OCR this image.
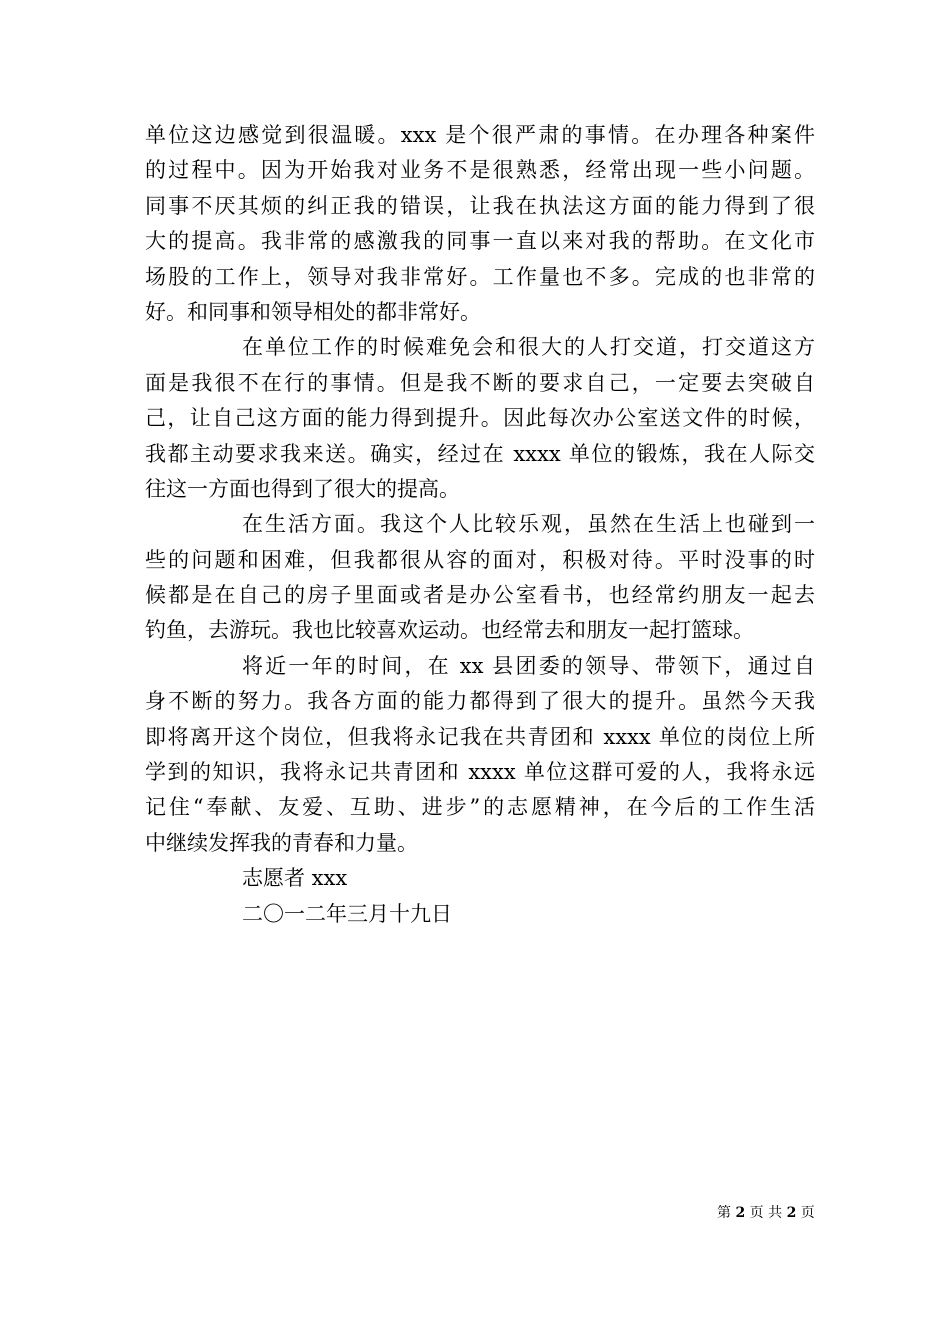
单位这边感觉到很温暖。xxx 是个很严肃的事情。在办理各种案件
的过程中。因为开始我对业务不是很熟悉，经常出现一些小问题。
同事不厌其烦的纠正我的错误，让我在执法这方面的能力得到了很
大的提高。我非常的感激我的同事一直以来对我的帮助。在文化市
场股的工作上，领导对我非常好。工作量也不多。完成的也非常的
好。和同事和领导相处的都非常好。
在单位工作的时候难免会和很大的人打交道，打交道这方
面是我很不在行的事情。但是我不断的要求自己，一定要去突破自
己，让自己这方面的能力得到提升。因此每次办公室送文件的时候，
我都主动要求我来送。确实，经过在 xxxx 单位的锻炼，我在人际交
往这一方面也得到了很大的提高。
在生活方面。我这个人比较乐观，虽然在生活上也碰到一
些的问题和困难，但我都很从容的面对，积极对待。平时没事的时
候都是在自己的房子里面或者是办公室看书，也经常约朋友一起去
钓鱼，去游玩。我也比较喜欢运动。也经常去和朋友一起打篮球。
将近一年的时间，在 xx 县团委的领导、带领下，通过自
身不断的努力。我各方面的能力都得到了很大的提升。虽然今天我
即将离开这个岗位，但我将永记我在共青团和 xxxx 单位的岗位上所
学到的知识，我将永记共青团和 xxxx 单位这群可爱的人，我将永远
记住“奉献、友爱、互助、进步”的志愿精神，在今后的工作生活
中继续发挥我的青春和力量。
志愿者 xxx
二〇一二年三月十九日
第 2 页 共 2 页
